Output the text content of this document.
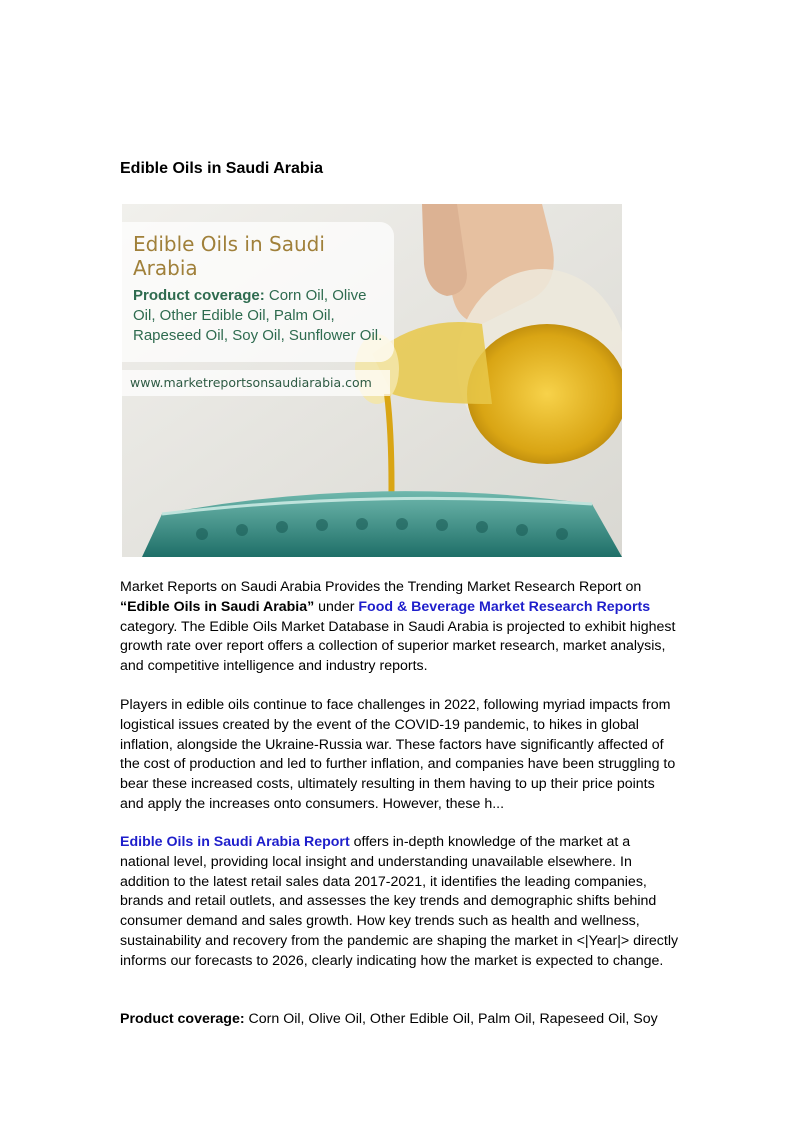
Edible Oils in Saudi Arabia

Edible Oils in Saudi Arabia

Product coverage: Corn Oil, Olive Oil, Other Edible Oil, Palm Oil, Rapeseed Oil, Soy Oil, Sunflower Oil.

www.marketreportsonsaudiarabia.com

Market Reports on Saudi Arabia Provides the Trending Market Research Report on “Edible Oils in Saudi Arabia” under Food & Beverage Market Research Reports category. The Edible Oils Market Database in Saudi Arabia is projected to exhibit highest growth rate over report offers a collection of superior market research, market analysis, and competitive intelligence and industry reports.

Players in edible oils continue to face challenges in 2022, following myriad impacts from logistical issues created by the event of the COVID-19 pandemic, to hikes in global inflation, alongside the Ukraine-Russia war. These factors have significantly affected of the cost of production and led to further inflation, and companies have been struggling to bear these increased costs, ultimately resulting in them having to up their price points and apply the increases onto consumers. However, these h...

Edible Oils in Saudi Arabia Report offers in-depth knowledge of the market at a national level, providing local insight and understanding unavailable elsewhere. In addition to the latest retail sales data 2017-2021, it identifies the leading companies, brands and retail outlets, and assesses the key trends and demographic shifts behind consumer demand and sales growth. How key trends such as health and wellness, sustainability and recovery from the pandemic are shaping the market in <|Year|> directly informs our forecasts to 2026, clearly indicating how the market is expected to change.

Product coverage: Corn Oil, Olive Oil, Other Edible Oil, Palm Oil, Rapeseed Oil, Soy
